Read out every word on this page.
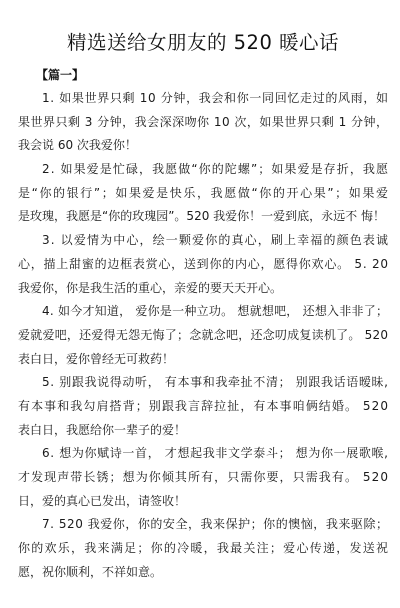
精选送给女朋友的 520 暖心话
【篇一】

1. 如果世界只剩 10 分钟，我会和你一同回忆走过的风雨，如
果世界只剩 3 分钟，我会深深吻你 10 次，如果世界只剩 1 分钟，
我会说 60 次我爱你！

2. 如果爱是忙碌，我愿做“你的陀螺”；如果爱是存折，我愿
是“你的银行”；如果爱是快乐，我愿做“你的开心果”；如果爱
是玫瑰，我愿是“你的玫瑰园”。520 我爱你！一爱到底，永远不 悔！

3. 以爱情为中心，绘一颗爱你的真心，刷上幸福的颜色表诚
心，描上甜蜜的边框表赏心，送到你的内心，愿得你欢心。 5. 20
我爱你，你是我生活的重心，亲爱的要天天开心。

4. 如今才知道， 爱你是一种立功。 想就想吧， 还想入非非了；
爱就爱吧，还爱得无怨无悔了；念就念吧，还念叨成复读机了。 520
表白日，爱你曾经无可救药！

5. 别跟我说得动听， 有本事和我牵扯不清； 别跟我话语暧昧,
有本事和我勾肩搭背；别跟我言辞拉扯，有本事咱俩结婚。 520
表白日，我愿给你一辈子的爱！

6. 想为你赋诗一首， 才想起我非文学泰斗； 想为你一展歌喉,
才发现声带长锈；想为你倾其所有，只需你要，只需我有。 520
日，爱的真心已发出，请签收！

7. 520 我爱你，你的安全，我来保护；你的懊恼，我来驱除；
你的欢乐，我来满足；你的冷暖，我最关注；爱心传递，发送祝
愿，祝你顺利，不祥如意。
